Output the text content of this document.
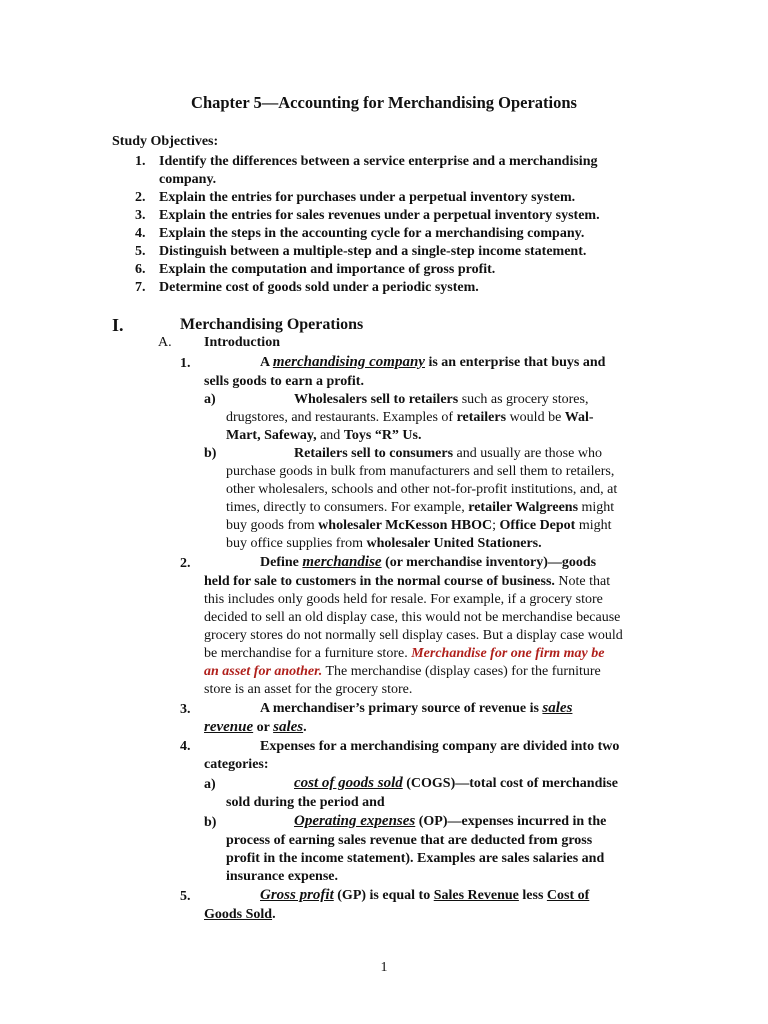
Chapter 5—Accounting for Merchandising Operations
Study Objectives:
1. Identify the differences between a service enterprise and a merchandising
company.
2. Explain the entries for purchases under a perpetual inventory system.
3. Explain the entries for sales revenues under a perpetual inventory system.
4. Explain the steps in the accounting cycle for a merchandising company.
5. Distinguish between a multiple-step and a single-step income statement.
6. Explain the computation and importance of gross profit.
7. Determine cost of goods sold under a periodic system.
I.	Merchandising Operations
A. Introduction
1.	A merchandising company is an enterprise that buys and
sells goods to earn a profit.
a)	Wholesalers sell to retailers such as grocery stores,
drugstores, and restaurants. Examples of retailers would be Wal-
Mart, Safeway, and Toys “R” Us.
b)	Retailers sell to consumers and usually are those who
purchase goods in bulk from manufacturers and sell them to retailers,
other wholesalers, schools and other not-for-profit institutions, and, at
times, directly to consumers. For example, retailer Walgreens might
buy goods from wholesaler McKesson HBOC; Office Depot might
buy office supplies from wholesaler United Stationers.
2.	Define merchandise (or merchandise inventory)—goods
held for sale to customers in the normal course of business. Note that
this includes only goods held for resale. For example, if a grocery store
decided to sell an old display case, this would not be merchandise because
grocery stores do not normally sell display cases. But a display case would
be merchandise for a furniture store. Merchandise for one firm may be
an asset for another. The merchandise (display cases) for the furniture
store is an asset for the grocery store.
3.	A merchandiser’s primary source of revenue is sales
revenue or sales.
4.	Expenses for a merchandising company are divided into two
categories:
a)	cost of goods sold (COGS)—total cost of merchandise
sold during the period and
b)	Operating expenses (OP)—expenses incurred in the
process of earning sales revenue that are deducted from gross
profit in the income statement). Examples are sales salaries and
insurance expense.
5.	Gross profit (GP) is equal to Sales Revenue less Cost of
Goods Sold.
1
